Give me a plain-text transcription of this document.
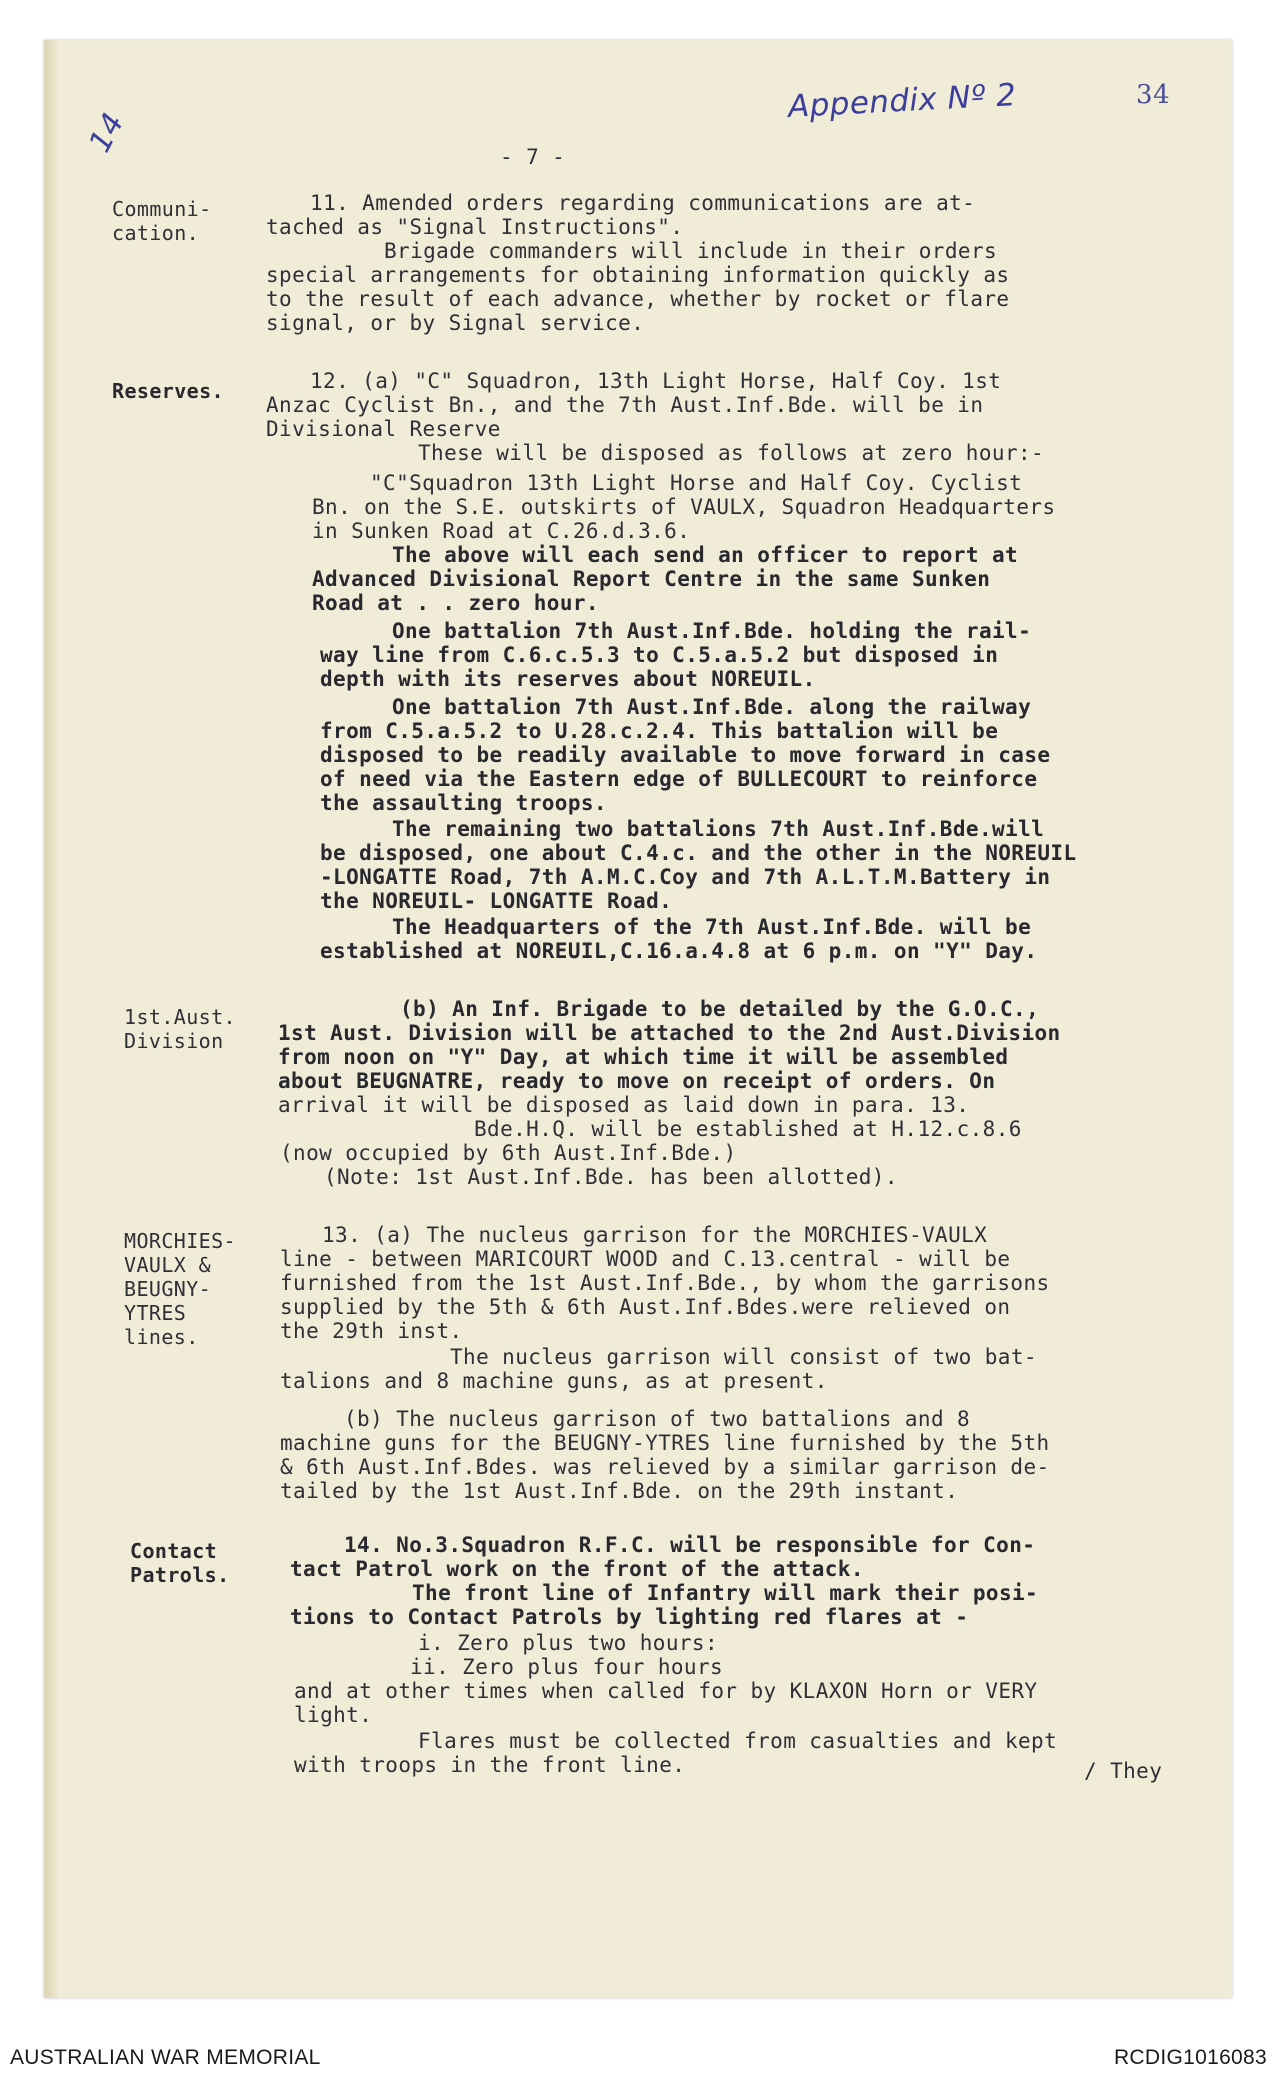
14
Appendix Nº 2	34
- 7 -
Communi-
cation.
11. Amended orders regarding communications are at-
tached as "Signal Instructions".
Brigade commanders will include in their orders
special arrangements for obtaining information quickly as
to the result of each advance, whether by rocket or flare
signal, or by Signal service.
Reserves.	12. (a) "C" Squadron, 13th Light Horse, Half Coy. 1st
Anzac Cyclist Bn., and the 7th Aust.Inf.Bde. will be in
Divisional Reserve
These will be disposed as follows at zero hour:-
"C"Squadron 13th Light Horse and Half Coy. Cyclist
Bn. on the S.E. outskirts of VAULX, Squadron Headquarters
in Sunken Road at C.26.d.3.6.
The above will each send an officer to report at
Advanced Divisional Report Centre in the same Sunken
Road at . . zero hour.
One battalion 7th Aust.Inf.Bde. holding the rail-
way line from C.6.c.5.3 to C.5.a.5.2 but disposed in
depth with its reserves about NOREUIL.
One battalion 7th Aust.Inf.Bde. along the railway
from C.5.a.5.2 to U.28.c.2.4. This battalion will be
disposed to be readily available to move forward in case
of need via the Eastern edge of BULLECOURT to reinforce
the assaulting troops.
The remaining two battalions 7th Aust.Inf.Bde.will
be disposed, one about C.4.c. and the other in the NOREUIL
-LONGATTE Road, 7th A.M.C.Coy and 7th A.L.T.M.Battery in
the NOREUIL- LONGATTE Road.
The Headquarters of the 7th Aust.Inf.Bde. will be
established at NOREUIL,C.16.a.4.8 at 6 p.m. on "Y" Day.
1st.Aust.
Division
(b) An Inf. Brigade to be detailed by the G.O.C.,
1st Aust. Division will be attached to the 2nd Aust.Division
from noon on "Y" Day, at which time it will be assembled
about BEUGNATRE, ready to move on receipt of orders. On
arrival it will be disposed as laid down in para. 13.
Bde.H.Q. will be established at H.12.c.8.6
(now occupied by 6th Aust.Inf.Bde.)
(Note: 1st Aust.Inf.Bde. has been allotted).
MORCHIES-
VAULX &
BEUGNY-
YTRES
lines.
13. (a) The nucleus garrison for the MORCHIES-VAULX
line - between MARICOURT WOOD and C.13.central - will be
furnished from the 1st Aust.Inf.Bde., by whom the garrisons
supplied by the 5th & 6th Aust.Inf.Bdes.were relieved on
the 29th inst.
The nucleus garrison will consist of two bat-
talions and 8 machine guns, as at present.
(b) The nucleus garrison of two battalions and 8
machine guns for the BEUGNY-YTRES line furnished by the 5th
& 6th Aust.Inf.Bdes. was relieved by a similar garrison de-
tailed by the 1st Aust.Inf.Bde. on the 29th instant.
Contact
Patrols.
14. No.3.Squadron R.F.C. will be responsible for Con-
tact Patrol work on the front of the attack.
The front line of Infantry will mark their posi-
tions to Contact Patrols by lighting red flares at -
i. Zero plus two hours:
ii. Zero plus four hours
and at other times when called for by KLAXON Horn or VERY
light.
Flares must be collected from casualties and kept
with troops in the front line.	/ They
AUSTRALIAN WAR MEMORIAL	RCDIG1016083
